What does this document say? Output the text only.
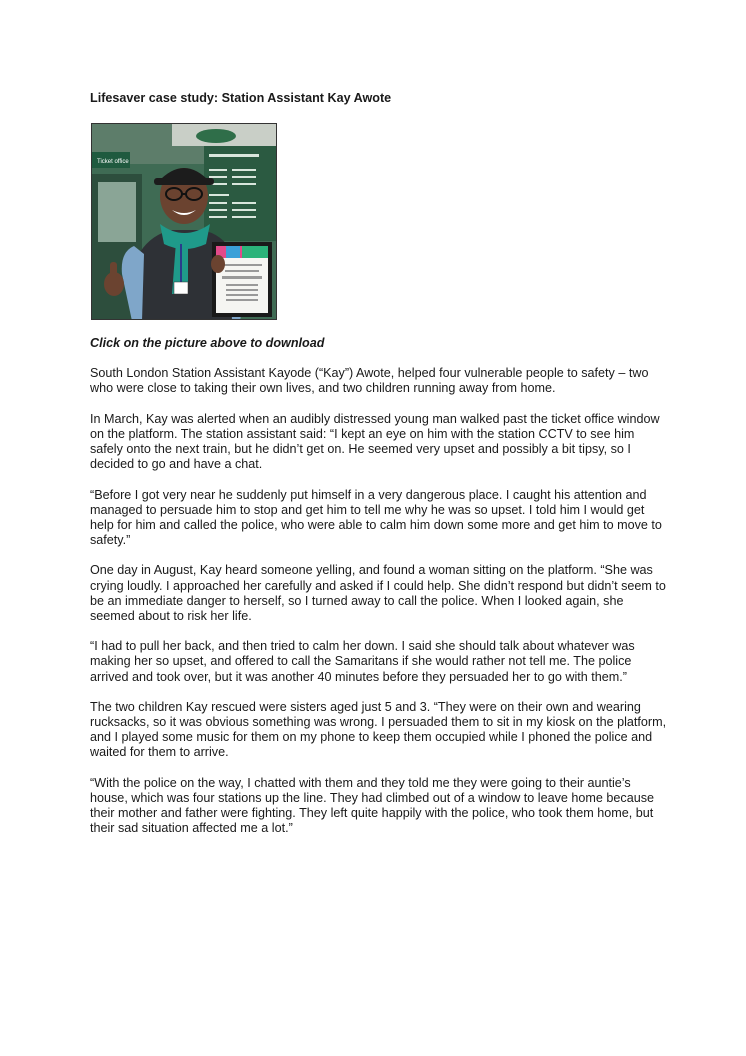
Lifesaver case study: Station Assistant Kay Awote
Ticket office

Click on the picture above to download

South London Station Assistant Kayode (“Kay”) Awote, helped four vulnerable people to safety – two who were close to taking their own lives, and two children running away from home.

In March, Kay was alerted when an audibly distressed young man walked past the ticket office window on the platform. The station assistant said: “I kept an eye on him with the station CCTV to see him safely onto the next train, but he didn’t get on. He seemed very upset and possibly a bit tipsy, so I decided to go and have a chat.

“Before I got very near he suddenly put himself in a very dangerous place. I caught his attention and managed to persuade him to stop and get him to tell me why he was so upset. I told him I would get help for him and called the police, who were able to calm him down some more and get him to move to safety.”

One day in August, Kay heard someone yelling, and found a woman sitting on the platform. “She was crying loudly. I approached her carefully and asked if I could help. She didn’t respond but didn’t seem to be an immediate danger to herself, so I turned away to call the police. When I looked again, she seemed about to risk her life.

“I had to pull her back, and then tried to calm her down. I said she should talk about whatever was making her so upset, and offered to call the Samaritans if she would rather not tell me. The police arrived and took over, but it was another 40 minutes before they persuaded her to go with them.”

The two children Kay rescued were sisters aged just 5 and 3. “They were on their own and wearing rucksacks, so it was obvious something was wrong. I persuaded them to sit in my kiosk on the platform, and I played some music for them on my phone to keep them occupied while I phoned the police and waited for them to arrive.

“With the police on the way, I chatted with them and they told me they were going to their auntie’s house, which was four stations up the line. They had climbed out of a window to leave home because their mother and father were fighting. They left quite happily with the police, who took them home, but their sad situation affected me a lot.”
